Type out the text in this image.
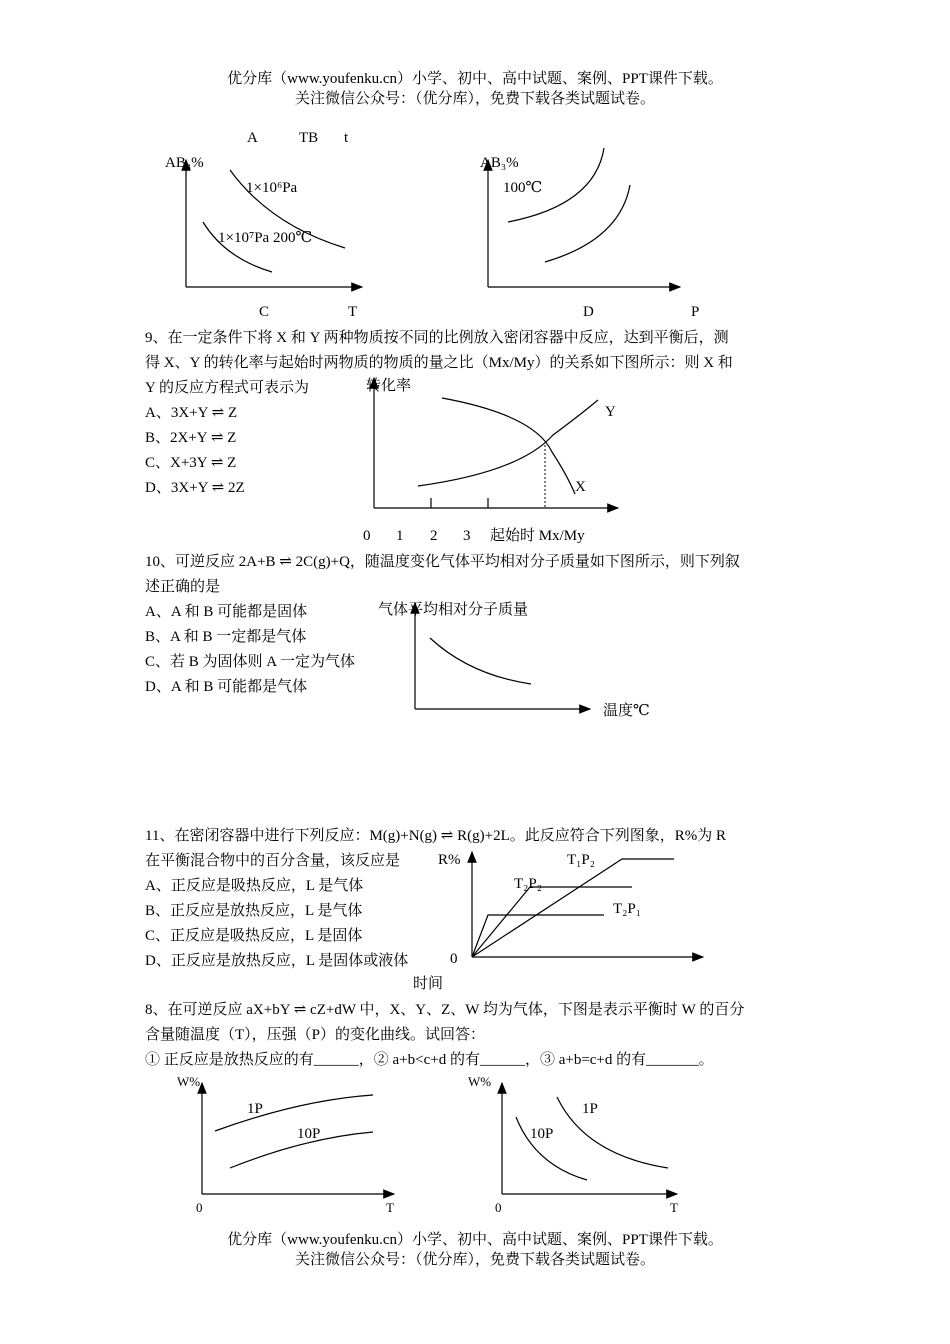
优分库（www.youfenku.cn）小学、初中、高中试题、案例、PPT课件下载。
关注微信公众号：（优分库），免费下载各类试题试卷。
A	TB t
AB₃%
1×10⁶Pa
1×10⁷Pa 200℃
C	T
AB₃%
100℃
D	P
转化率
Y
X
0 1 2 3 起始时 Mx/My
气体平均相对分子质量
温度℃
R%	T₁P₂
T₂P₂
T₂P₁
0
时间
W%
1P
10P
0	T
W%
1P
10P
0	T
9、在一定条件下将 X 和 Y 两种物质按不同的比例放入密闭容器中反应，达到平衡后，测
得 X、Y 的转化率与起始时两物质的物质的量之比（Mx/My）的关系如下图所示：则 X 和
Y 的反应方程式可表示为
A、3X+Y ⇌ Z
B、2X+Y ⇌ Z
C、X+3Y ⇌ Z
D、3X+Y ⇌ 2Z
10、可逆反应 2A+B ⇌ 2C(g)+Q，随温度变化气体平均相对分子质量如下图所示，则下列叙
述正确的是
A、A 和 B 可能都是固体
B、A 和 B 一定都是气体
C、若 B 为固体则 A 一定为气体
D、A 和 B 可能都是气体
11、在密闭容器中进行下列反应：M(g)+N(g) ⇌ R(g)+2L。此反应符合下列图象，R%为 R
在平衡混合物中的百分含量，该反应是
A、正反应是吸热反应，L 是气体
B、正反应是放热反应，L 是气体
C、正反应是吸热反应，L 是固体
D、正反应是放热反应，L 是固体或液体
8、在可逆反应 aX+bY ⇌ cZ+dW 中，X、Y、Z、W 均为气体，下图是表示平衡时 W 的百分
含量随温度（T），压强（P）的变化曲线。试回答：
① 正反应是放热反应的有______，② a+b<c+d 的有______，③ a+b=c+d 的有_______。
优分库（www.youfenku.cn）小学、初中、高中试题、案例、PPT课件下载。
关注微信公众号：（优分库），免费下载各类试题试卷。
